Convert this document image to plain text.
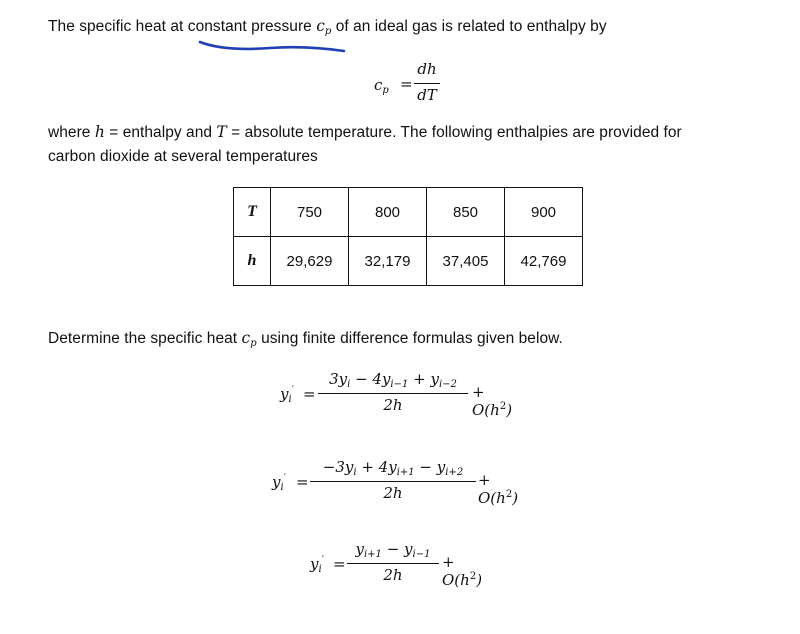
The specific heat at constant pressure $c_p$ of an ideal gas is related to enthalpy by
$c_p$ =
dh
dT
where h = enthalpy and T = absolute temperature. The following enthalpies are provided for
carbon dioxide at several temperatures
T	750	800	850	900
h	29,629	32,179	37,405	42,769
Determine the specific heat $c_p$ using finite difference formulas given below.
$y_i'$ =
$3y_i - 4y_{i-1} + y_{i-2}$
2h
+ $O(h^2)$
$y_i'$ =
$-3y_i + 4y_{i+1} - y_{i+2}$
2h
+ $O(h^2)$
$y_i'$ =
$y_{i+1} - y_{i-1}$
2h
+ $O(h^2)$
